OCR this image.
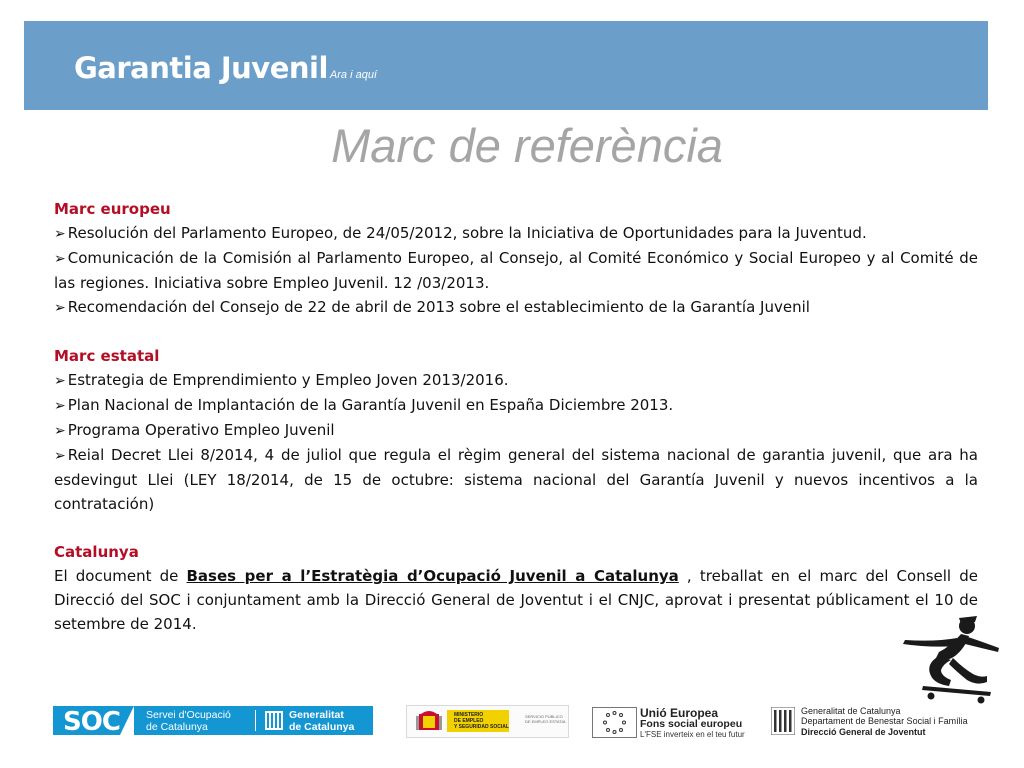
Garantia Juvenil Ara i aquí
Marc de referència
Marc europeu
➢ Resolución del Parlamento Europeo, de 24/05/2012, sobre la Iniciativa de Oportunidades para la Juventud.
➢ Comunicación de la Comisión al Parlamento Europeo, al Consejo, al Comité Económico y Social Europeo y al Comité de las regiones. Iniciativa sobre Empleo Juvenil. 12 /03/2013.
➢ Recomendación del Consejo de 22 de abril de 2013 sobre el establecimiento de la Garantía Juvenil
Marc estatal
➢ Estrategia de Emprendimiento y Empleo Joven 2013/2016.
➢ Plan Nacional de Implantación de la Garantía Juvenil en España Diciembre 2013.
➢ Programa Operativo Empleo Juvenil
➢ Reial Decret Llei 8/2014, 4 de juliol que regula el règim general del sistema nacional de garantia juvenil, que ara ha esdevingut Llei (LEY 18/2014, de 15 de octubre: sistema nacional del Garantía Juvenil y nuevos incentivos a la contratación)
Catalunya
El document de Bases per a l’Estratègia d’Ocupació Juvenil a Catalunya , treballat en el marc del Consell de Direcció del SOC i conjuntament amb la Direcció General de Joventut i el CNJC, aprovat i presentat públicament el 10 de setembre de 2014.
SOC Servei d'Ocupació
de Catalunya
Generalitat
de Catalunya
MINISTERIO
DE EMPLEO
Y SEGURIDAD SOCIAL
SERVICIO PÚBLICO
DE EMPLEO ESTATAL
Unió Europea
Fons social europeu
L'FSE inverteix en el teu futur
Generalitat de Catalunya
Departament de Benestar Social i Família
Direcció General de Joventut
